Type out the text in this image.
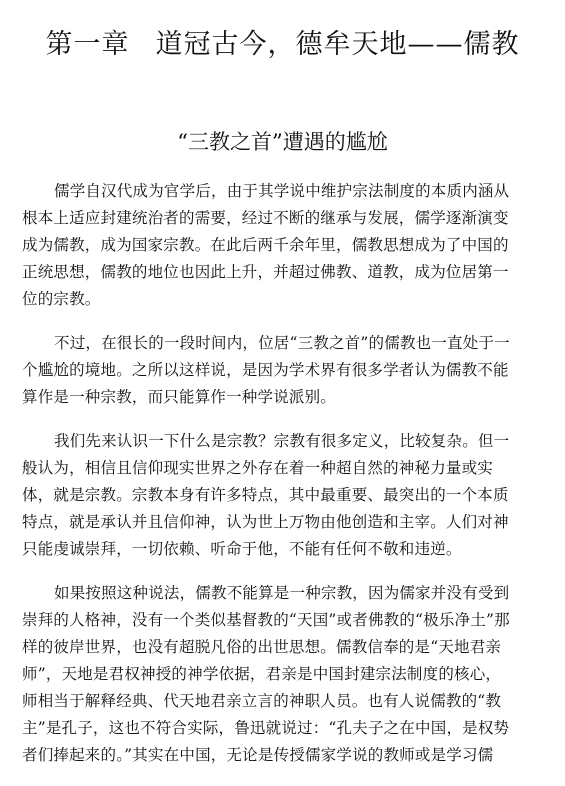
第一章 道冠古今，德牟天地——儒教
“三教之首”遭遇的尴尬
儒学自汉代成为官学后，由于其学说中维护宗法制度的本质内涵从
根本上适应封建统治者的需要，经过不断的继承与发展，儒学逐渐演变
成为儒教，成为国家宗教。在此后两千余年里，儒教思想成为了中国的
正统思想，儒教的地位也因此上升，并超过佛教、道教，成为位居第一
位的宗教。
不过，在很长的一段时间内，位居“三教之首”的儒教也一直处于一
个尴尬的境地。之所以这样说，是因为学术界有很多学者认为儒教不能
算作是一种宗教，而只能算作一种学说派别。
我们先来认识一下什么是宗教？宗教有很多定义，比较复杂。但一
般认为，相信且信仰现实世界之外存在着一种超自然的神秘力量或实
体，就是宗教。宗教本身有许多特点，其中最重要、最突出的一个本质
特点，就是承认并且信仰神，认为世上万物由他创造和主宰。人们对神
只能虔诚崇拜，一切依赖、听命于他，不能有任何不敬和违逆。
如果按照这种说法，儒教不能算是一种宗教，因为儒家并没有受到
崇拜的人格神，没有一个类似基督教的“天国”或者佛教的“极乐净土”那
样的彼岸世界，也没有超脱凡俗的出世思想。儒教信奉的是“天地君亲
师”，天地是君权神授的神学依据，君亲是中国封建宗法制度的核心，
师相当于解释经典、代天地君亲立言的神职人员。也有人说儒教的“教
主”是孔子，这也不符合实际，鲁迅就说过：“孔夫子之在中国，是权势
者们捧起来的。”其实在中国，无论是传授儒家学说的教师或是学习儒
